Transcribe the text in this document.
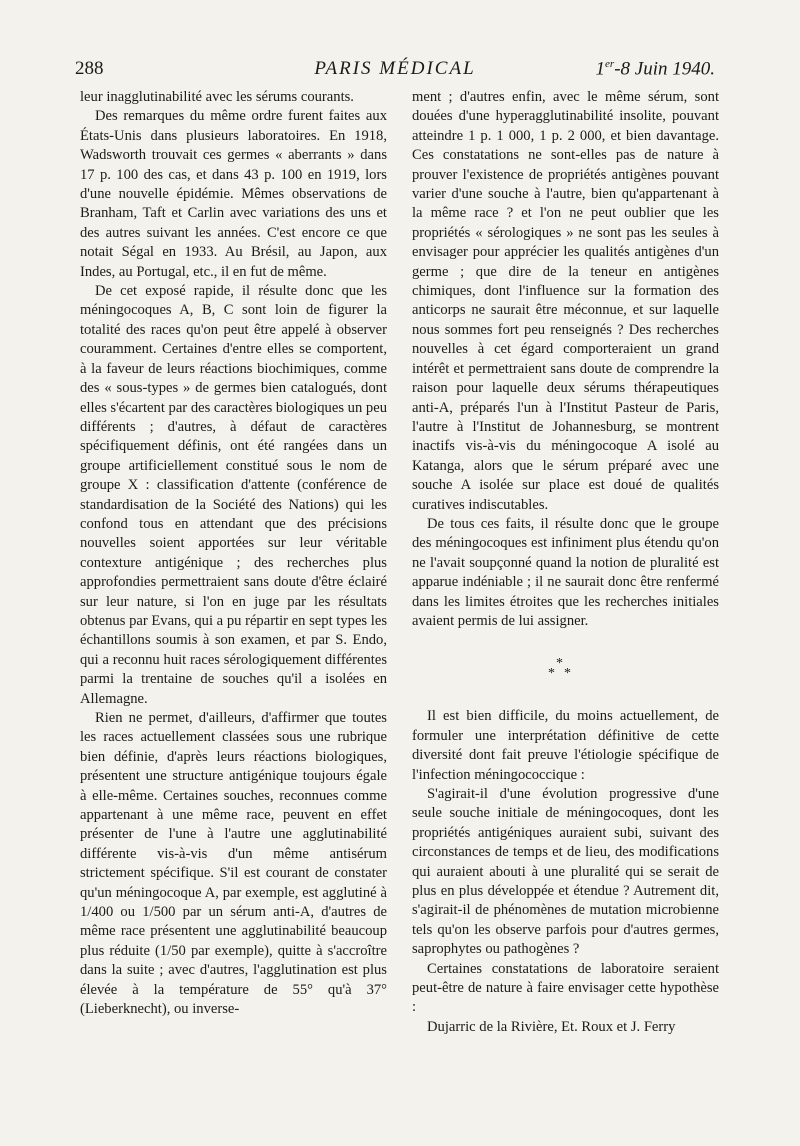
288	PARIS MÉDICAL	1er-8 Juin 1940.

leur inagglutinabilité avec les sérums courants.

Des remarques du même ordre furent faites aux États-Unis dans plusieurs laboratoires. En 1918, Wadsworth trouvait ces germes « aberrants » dans 17 p. 100 des cas, et dans 43 p. 100 en 1919, lors d'une nouvelle épidémie. Mêmes observations de Branham, Taft et Carlin avec variations des uns et des autres suivant les années. C'est encore ce que notait Ségal en 1933. Au Brésil, au Japon, aux Indes, au Portugal, etc., il en fut de même.

De cet exposé rapide, il résulte donc que les méningocoques A, B, C sont loin de figurer la totalité des races qu'on peut être appelé à observer couramment. Certaines d'entre elles se comportent, à la faveur de leurs réactions biochimiques, comme des « sous-types » de germes bien catalogués, dont elles s'écartent par des caractères biologiques un peu différents ; d'autres, à défaut de caractères spécifiquement définis, ont été rangées dans un groupe artificiellement constitué sous le nom de groupe X : classification d'attente (conférence de standardisation de la Société des Nations) qui les confond tous en attendant que des précisions nouvelles soient apportées sur leur véritable contexture antigénique ; des recherches plus approfondies permettraient sans doute d'être éclairé sur leur nature, si l'on en juge par les résultats obtenus par Evans, qui a pu répartir en sept types les échantillons soumis à son examen, et par S. Endo, qui a reconnu huit races sérologiquement différentes parmi la trentaine de souches qu'il a isolées en Allemagne.

Rien ne permet, d'ailleurs, d'affirmer que toutes les races actuellement classées sous une rubrique bien définie, d'après leurs réactions biologiques, présentent une structure antigénique toujours égale à elle-même. Certaines souches, reconnues comme appartenant à une même race, peuvent en effet présenter de l'une à l'autre une agglutinabilité différente vis-à-vis d'un même antisérum strictement spécifique. S'il est courant de constater qu'un méningocoque A, par exemple, est agglutiné à 1/400 ou 1/500 par un sérum anti-A, d'autres de même race présentent une agglutinabilité beaucoup plus réduite (1/50 par exemple), quitte à s'accroître dans la suite ; avec d'autres, l'agglutination est plus élevée à la température de 55° qu'à 37° (Lieberknecht), ou inverse-

ment ; d'autres enfin, avec le même sérum, sont douées d'une hyperagglutinabilité insolite, pouvant atteindre 1 p. 1 000, 1 p. 2 000, et bien davantage. Ces constatations ne sont-elles pas de nature à prouver l'existence de propriétés antigènes pouvant varier d'une souche à l'autre, bien qu'appartenant à la même race ? et l'on ne peut oublier que les propriétés « sérologiques » ne sont pas les seules à envisager pour apprécier les qualités antigènes d'un germe ; que dire de la teneur en antigènes chimiques, dont l'influence sur la formation des anticorps ne saurait être méconnue, et sur laquelle nous sommes fort peu renseignés ? Des recherches nouvelles à cet égard comporteraient un grand intérêt et permettraient sans doute de comprendre la raison pour laquelle deux sérums thérapeutiques anti-A, préparés l'un à l'Institut Pasteur de Paris, l'autre à l'Institut de Johannesburg, se montrent inactifs vis-à-vis du méningocoque A isolé au Katanga, alors que le sérum préparé avec une souche A isolée sur place est doué de qualités curatives indiscutables.

De tous ces faits, il résulte donc que le groupe des méningocoques est infiniment plus étendu qu'on ne l'avait soupçonné quand la notion de pluralité est apparue indéniable ; il ne saurait donc être renfermé dans les limites étroites que les recherches initiales avaient permis de lui assigner.

*
* *

Il est bien difficile, du moins actuellement, de formuler une interprétation définitive de cette diversité dont fait preuve l'étiologie spécifique de l'infection méningococcique :

S'agirait-il d'une évolution progressive d'une seule souche initiale de méningocoques, dont les propriétés antigéniques auraient subi, suivant des circonstances de temps et de lieu, des modifications qui auraient abouti à une pluralité qui se serait de plus en plus développée et étendue ? Autrement dit, s'agirait-il de phénomènes de mutation microbienne tels qu'on les observe parfois pour d'autres germes, saprophytes ou pathogènes ?

Certaines constatations de laboratoire seraient peut-être de nature à faire envisager cette hypothèse :

Dujarric de la Rivière, Et. Roux et J. Ferry
